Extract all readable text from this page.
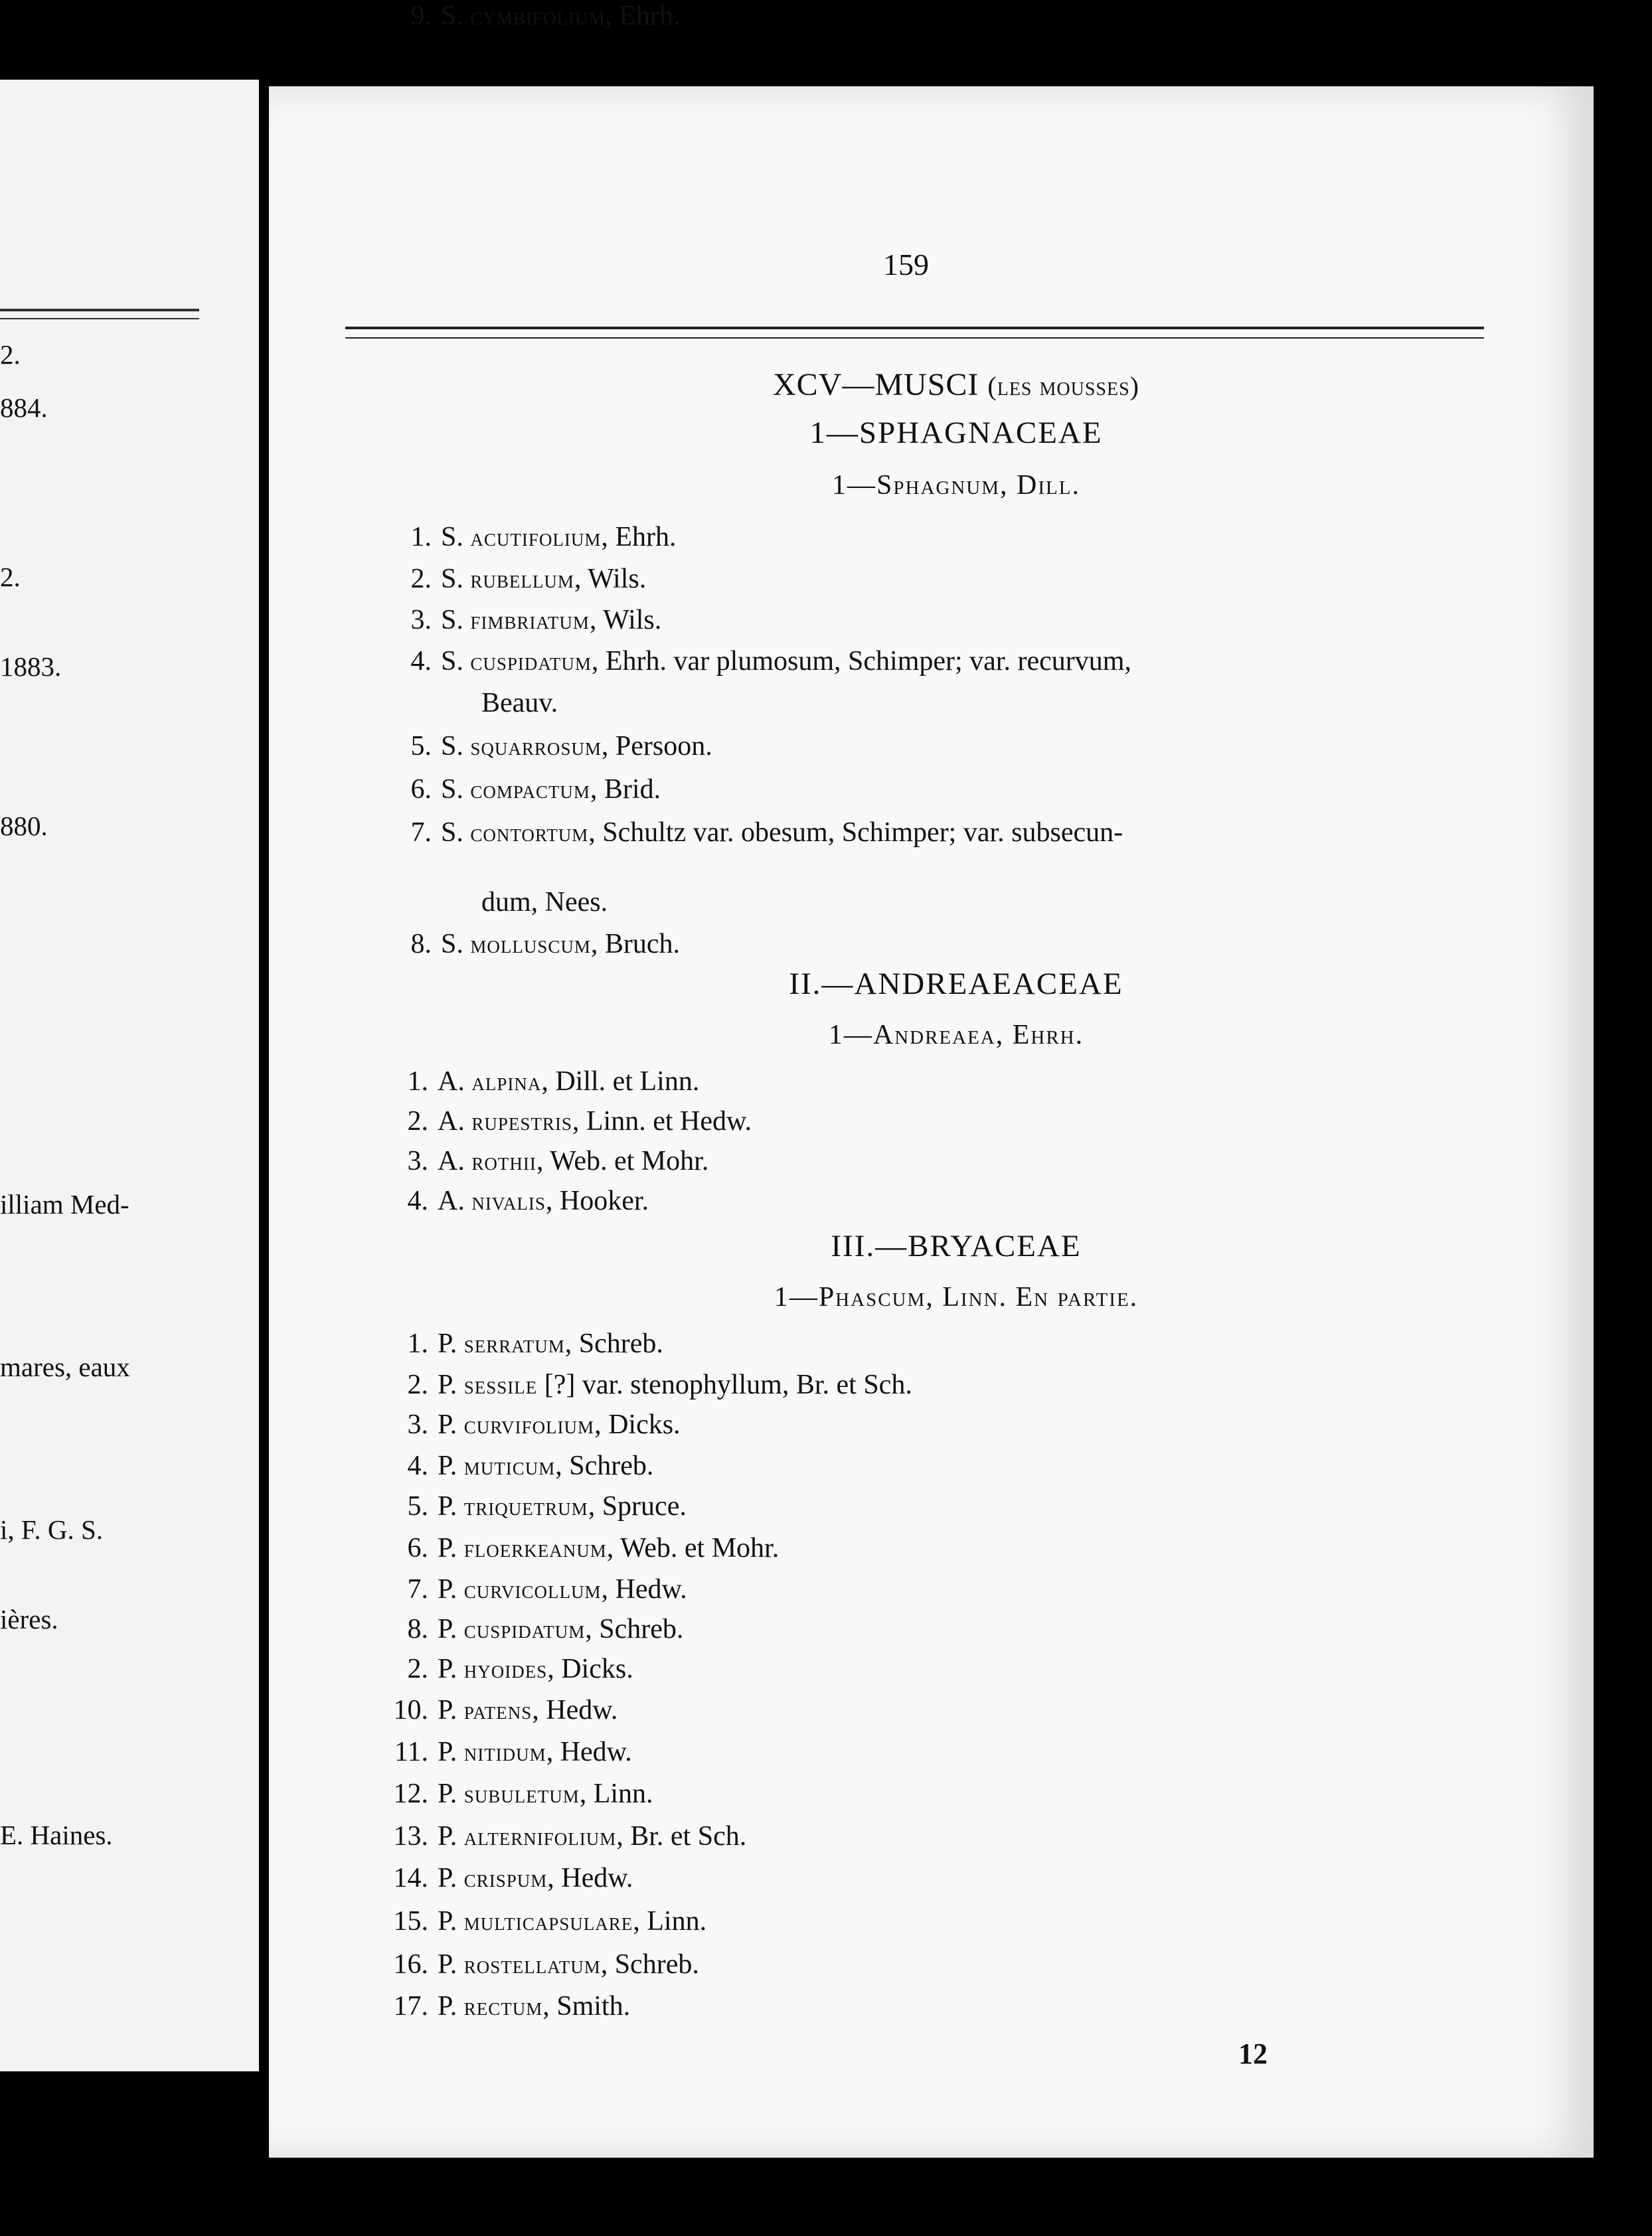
2.
884.
2.
1883.
880.
illiam Med-
mares, eaux
i, F. G. S.
ières.
E. Haines.
159
XCV—MUSCI (les mousses)
1—SPHAGNACEAE
1—Sphagnum, Dill.
1. S. acutifolium, Ehrh.
2. S. rubellum, Wils.
3. S. fimbriatum, Wils.
4. S. cuspidatum, Ehrh. var plumosum, Schimper; var. recurvum,
Beauv.
5. S. squarrosum, Persoon.
6. S. compactum, Brid.
7. S. contortum, Schultz var. obesum, Schimper; var. subsecun-
dum, Nees.
8. S. molluscum, Bruch.
9. S. cymbifolium, Ehrh.
II.—ANDREAEACEAE
1—Andreaea, Ehrh.
1. A. alpina, Dill. et Linn.
2. A. rupestris, Linn. et Hedw.
3. A. rothii, Web. et Mohr.
4. A. nivalis, Hooker.
III.—BRYACEAE
1—Phascum, Linn. En partie.
1. P. serratum, Schreb.
2. P. sessile [?] var. stenophyllum, Br. et Sch.
3. P. curvifolium, Dicks.
4. P. muticum, Schreb.
5. P. triquetrum, Spruce.
6. P. floerkeanum, Web. et Mohr.
7. P. curvicollum, Hedw.
8. P. cuspidatum, Schreb.
2. P. hyoides, Dicks.
10. P. patens, Hedw.
11. P. nitidum, Hedw.
12. P. subuletum, Linn.
13. P. alternifolium, Br. et Sch.
14. P. crispum, Hedw.
15. P. multicapsulare, Linn.
16. P. rostellatum, Schreb.
17. P. rectum, Smith.
12
